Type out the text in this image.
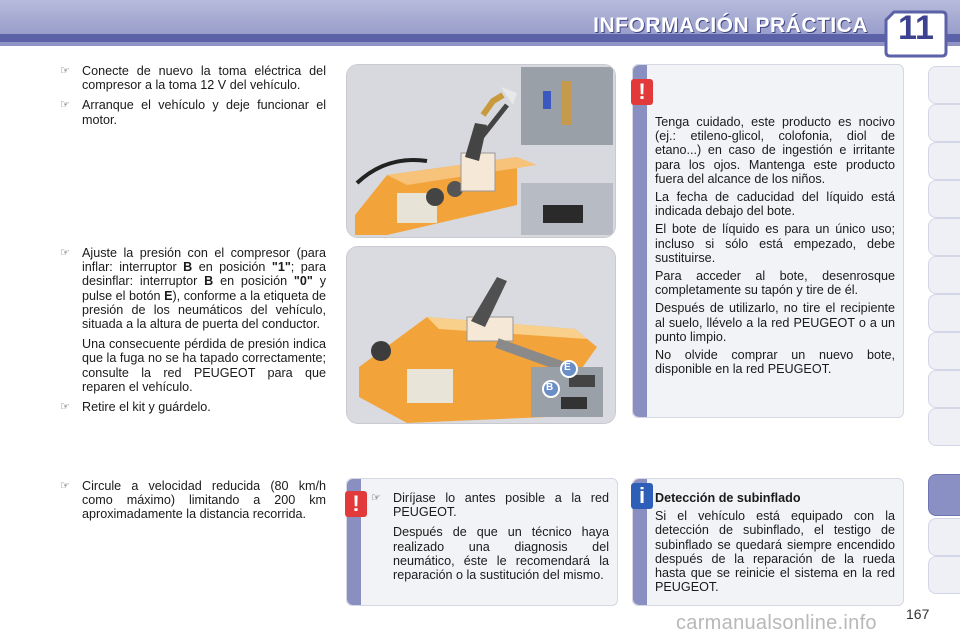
INFORMACIÓN PRÁCTICA 11
☞ Conecte de nuevo la toma eléctrica del compresor a la toma 12 V del vehículo.
☞ Arranque el vehículo y deje funcionar el motor.
☞ Ajuste la presión con el compresor (para inflar: interruptor B en posición "1"; para desinflar: interruptor B en posición "0" y pulse el botón E), conforme a la etiqueta de presión de los neumáticos del vehículo, situada a la altura de puerta del conductor.
Una consecuente pérdida de presión indica que la fuga no se ha tapado correctamente; consulte la red PEUGEOT para que reparen el vehículo.
☞ Retire el kit y guárdelo.
☞ Circule a velocidad reducida (80 km/h como máximo) limitando a 200 km aproximadamente la distancia recorrida.
E
B
!
Tenga cuidado, este producto es nocivo (ej.: etileno-glicol, colofonia, diol de etano...) en caso de ingestión e irritante para los ojos. Mantenga este producto fuera del alcance de los niños.
La fecha de caducidad del líquido está indicada debajo del bote.
El bote de líquido es para un único uso; incluso si sólo está empezado, debe sustituirse.
Para acceder al bote, desenrosque completamente su tapón y tire de él.
Después de utilizarlo, no tire el recipiente al suelo, llévelo a la red PEUGEOT o a un punto limpio.
No olvide comprar un nuevo bote, disponible en la red PEUGEOT.
!	☞ Diríjase lo antes posible a la red PEUGEOT.
Después de que un técnico haya realizado una diagnosis del neumático, éste le recomendará la reparación o la sustitución del mismo.
i Detección de subinflado
Si el vehículo está equipado con la detección de subinflado, el testigo de subinflado se quedará siempre encendido después de la reparación de la rueda hasta que se reinicie el sistema en la red PEUGEOT.
167
carmanualsonline.info
